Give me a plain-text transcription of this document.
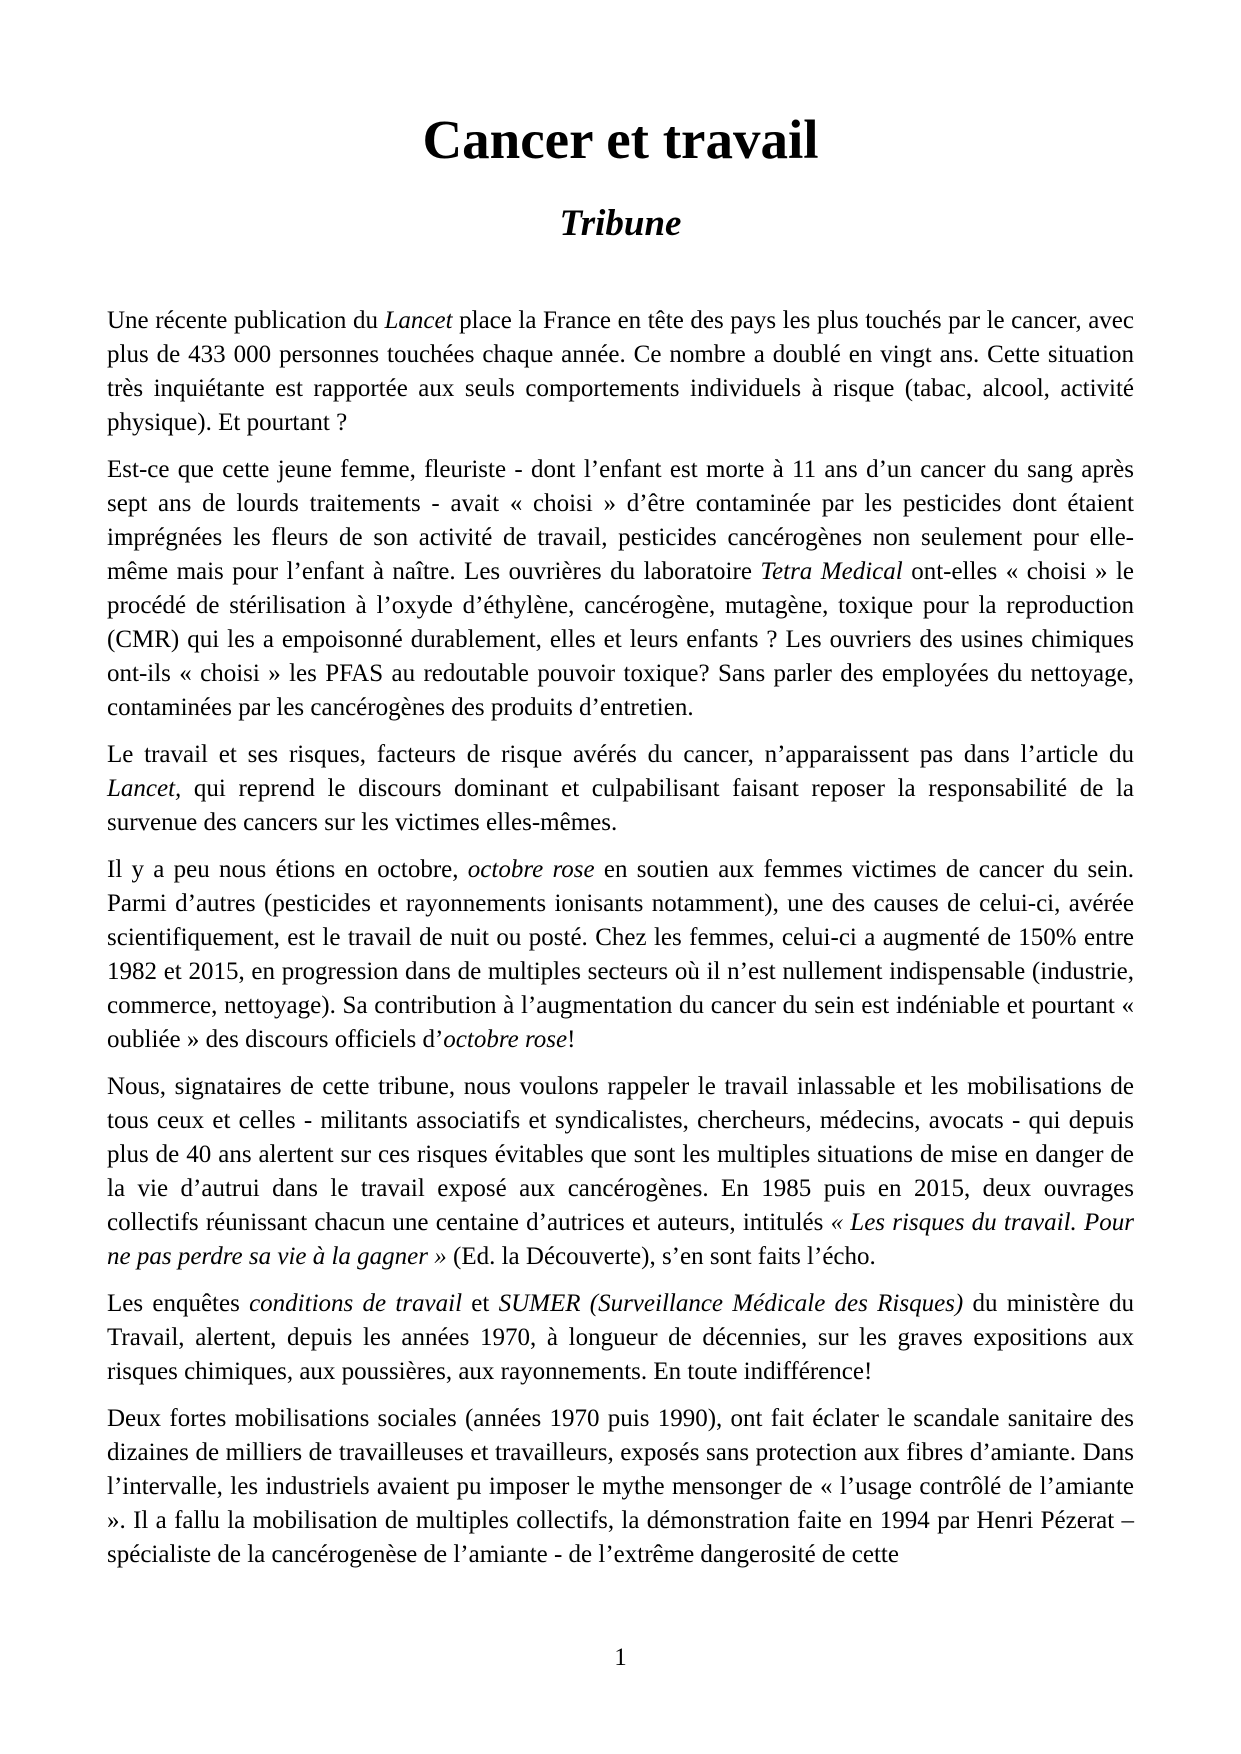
Cancer et travail
Tribune

Une récente publication du Lancet place la France en tête des pays les plus touchés par le cancer, avec plus de 433 000 personnes touchées chaque année. Ce nombre a doublé en vingt ans. Cette situation très inquiétante est rapportée aux seuls comportements individuels à risque (tabac, alcool, activité physique). Et pourtant ?

Est-ce que cette jeune femme, fleuriste - dont l’enfant est morte à 11 ans d’un cancer du sang après sept ans de lourds traitements - avait « choisi » d’être contaminée par les pesticides dont étaient imprégnées les fleurs de son activité de travail, pesticides cancérogènes non seulement pour elle-même mais pour l’enfant à naître. Les ouvrières du laboratoire Tetra Medical ont-elles « choisi » le procédé de stérilisation à l’oxyde d’éthylène, cancérogène, mutagène, toxique pour la reproduction (CMR) qui les a empoisonné durablement, elles et leurs enfants ? Les ouvriers des usines chimiques ont-ils « choisi » les PFAS au redoutable pouvoir toxique? Sans parler des employées du nettoyage, contaminées par les cancérogènes des produits d’entretien.

Le travail et ses risques, facteurs de risque avérés du cancer, n’apparaissent pas dans l’article du Lancet, qui reprend le discours dominant et culpabilisant faisant reposer la responsabilité de la survenue des cancers sur les victimes elles-mêmes.

Il y a peu nous étions en octobre, octobre rose en soutien aux femmes victimes de cancer du sein. Parmi d’autres (pesticides et rayonnements ionisants notamment), une des causes de celui-ci, avérée scientifiquement, est le travail de nuit ou posté. Chez les femmes, celui-ci a augmenté de 150% entre 1982 et 2015, en progression dans de multiples secteurs où il n’est nullement indispensable (industrie, commerce, nettoyage). Sa contribution à l’augmentation du cancer du sein est indéniable et pourtant « oubliée » des discours officiels d’octobre rose!

Nous, signataires de cette tribune, nous voulons rappeler le travail inlassable et les mobilisations de tous ceux et celles - militants associatifs et syndicalistes, chercheurs, médecins, avocats - qui depuis plus de 40 ans alertent sur ces risques évitables que sont les multiples situations de mise en danger de la vie d’autrui dans le travail exposé aux cancérogènes. En 1985 puis en 2015, deux ouvrages collectifs réunissant chacun une centaine d’autrices et auteurs, intitulés « Les risques du travail. Pour ne pas perdre sa vie à la gagner » (Ed. la Découverte), s’en sont faits l’écho.

Les enquêtes conditions de travail et SUMER (Surveillance Médicale des Risques) du ministère du Travail, alertent, depuis les années 1970, à longueur de décennies, sur les graves expositions aux risques chimiques, aux poussières, aux rayonnements. En toute indifférence!

Deux fortes mobilisations sociales (années 1970 puis 1990), ont fait éclater le scandale sanitaire des dizaines de milliers de travailleuses et travailleurs, exposés sans protection aux fibres d’amiante. Dans l’intervalle, les industriels avaient pu imposer le mythe mensonger de « l’usage contrôlé de l’amiante ». Il a fallu la mobilisation de multiples collectifs, la démonstration faite en 1994 par Henri Pézerat – spécialiste de la cancérogenèse de l’amiante - de l’extrême dangerosité de cette

1
